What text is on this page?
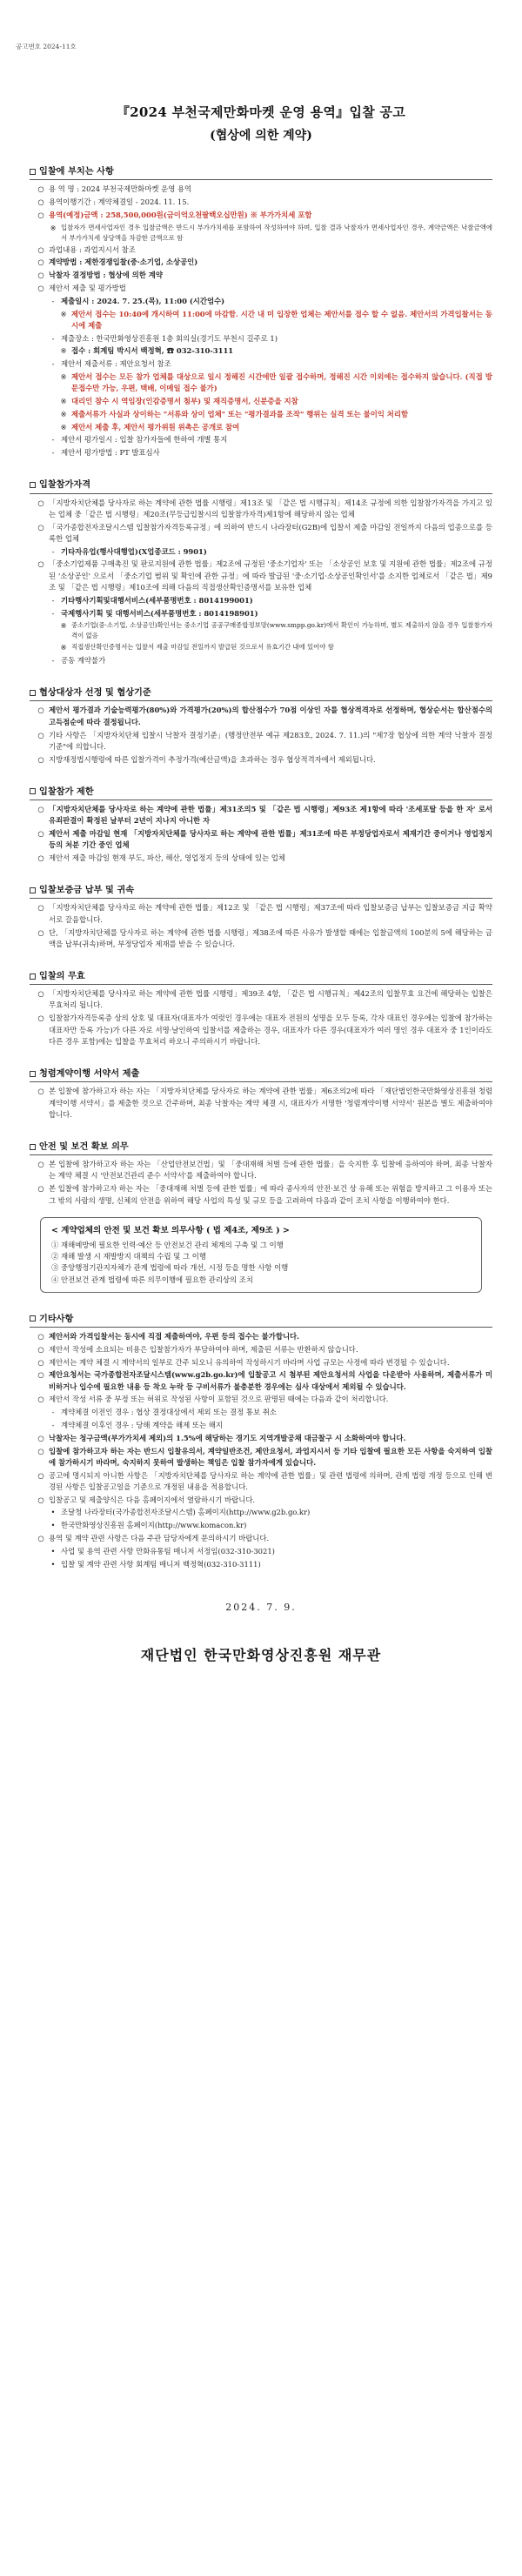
공고번호 2024-11호
『2024 부천국제만화마켓 운영 용역』입찰 공고
(협상에 의한 계약)
입찰에 부치는 사항
○ 용 역 명 : 2024 부천국제만화마켓 운영 용역
○ 용역이행기간 : 계약체결일 - 2024. 11. 15.
○ 용역(예정)금액 : 258,500,000원(금이억오천팔백오십만원) ※ 부가가치세 포함
※ 입찰자가 면세사업자인 경우 입찰금액은 반드시 부가가치세를 포함하여 작성하여야 하며, 입찰 결과 낙찰자가 면세사업자인 경우, 계약금액은 낙찰금액에서 부가가치세 상당액을 차감한 금액으로 함
○ 과업내용 : 과업지시서 참조
○ 계약방법 : 제한경쟁입찰(중·소기업, 소상공인)
○ 낙찰자 결정방법 : 협상에 의한 계약
○ 제안서 제출 및 평가방법
- 제출일시 : 2024. 7. 25.(목), 11:00 (시간엄수)
※ 제안서 접수는 10:40에 개시하여 11:00에 마감함. 시간 내 미 입장한 업체는 제안서를 접수 할 수 없음. 제안서의 가격입찰서는 동시에 제출
- 제출장소 : 한국만화영상진흥원 1층 회의실(경기도 부천시 길주로 1)
※ 접수 : 회계팀 박시서 백정혁, ☎ 032-310-3111
- 제안서 제출서류 : 제안요청서 참조
※ 제안서 접수는 모든 참가 업체를 대상으로 일시 정해진 시간에만 일괄 접수하며, 정해진 시간 이외에는 접수하지 않습니다. (직접 방문접수만 가능, 우편, 택배, 이메일 접수 불가)
※ 대리인 참수 시 역임장(인감증명서 첨부) 및 재직증명서, 신분증을 지참
※ 제출서류가 사실과 상이하는 "서류와 상이 업체" 또는 "평가결과를 조작" 행위는 실격 또는 불이익 처리함
※ 제안서 제출 후, 제안서 평가위원 위촉은 공개로 참여
- 제안서 평가일시 : 입찰 참가자들에 한하여 개별 통지
- 제안서 평가방법 : PT 발표심사
입찰참가자격
○ 「지방자치단체를 당사자로 하는 계약에 관한 법률 시행령」제13조 및 「같은 법 시행규칙」제14조 규정에 의한 입찰참가자격을 가지고 있는 업체 중「같은 법 시행령」제20조(무등급입찰시의 입찰참가자격)제1항에 해당하지 않는 업체
○ 「국가종합전자조달시스템 입찰참가자격등록규정」에 의하여 반드시 나라장터(G2B)에 입찰서 제출 마감일 전일까지 다음의 업종으로를 등록한 업체
- 기타자유업(행사대행업)(X업종코드 : 9901)
○ 「중소기업제품 구매촉진 및 판로지원에 관한 법률」제2조에 규정된 '중소기업자' 또는 「소상공인 보호 및 지원에 관한 법률」제2조에 규정된 '소상공인' 으로서 「중소기업 범위 및 확인에 관한 규정」에 따라 발급된 '중·소기업·소상공인확인서'를 소지한 업체로서 「같은 법」제9조 및 「같은 법 시행령」제10조에 의해 다음의 직접생산확인증명서를 보유한 업체
- 기타행사기획및대행서비스(세부품명번호 : 8014199001)
- 국제행사기획 및 대행서비스(세부품명번호 : 8014198901)
※ 중소기업(중·소기업, 소상공인)확인서는 중소기업 공공구매종합정보망(www.smpp.go.kr)에서 확인이 가능하며, 별도 제출하지 않을 경우 입찰참가자격이 없음
※ 직접생산확인증명서는 입찰서 제출 마감일 전일까지 발급된 것으로서 유효기간 내에 있어야 함
- 공동 계약불가
협상대상자 선정 및 협상기준
○ 제안서 평가결과 기술능력평가(80%)와 가격평가(20%)의 합산점수가 70점 이상인 자를 협상적격자로 선정하며, 협상순서는 합산점수의 고득점순에 따라 결정됩니다.
○ 기타 사항은 「지방자치단체 입찰시 낙찰자 결정기준」(행정안전부 예규 제283호, 2024. 7. 11.)의 "제7장 협상에 의한 계약 낙찰자 결정기준"에 의합니다.
○ 지방재정법시행령에 따른 입찰가격이 추정가격(예산금액)을 초과하는 경우 협상적격자에서 제외됩니다.
입찰참가 제한
○ 「지방자치단체를 당사자로 하는 계약에 관한 법률」제31조의5 및 「같은 법 시행령」제93조 제1항에 따라 '조세포탈 등을 한 자' 로서 유죄판결이 확정된 날부터 2년이 지나지 아니한 자
○ 제안서 제출 마감일 현재 「지방자치단체를 당사자로 하는 계약에 관한 법률」제31조에 따른 부정당업자로서 제재기간 중이거나 영업정지 등의 처분 기간 중인 업체
○ 제안서 제출 마감일 현재 부도, 파산, 해산, 영업정지 등의 상태에 있는 업체
입찰보증금 납부 및 귀속
○ 「지방자치단체를 당사자로 하는 계약에 관한 법률」제12조 및 「같은 법 시행령」제37조에 따라 입찰보증금 납부는 입찰보증금 지급 확약서로 갈음합니다.
○ 단, 「지방자치단체를 당사자로 하는 계약에 관한 법률 시행령」제38조에 따른 사유가 발생할 때에는 입찰금액의 100분의 5에 해당하는 금액을 납부(귀속)하며, 부정당업자 제재를 받을 수 있습니다.
입찰의 무효
○ 「지방자치단체를 당사자로 하는 계약에 관한 법률 시행령」제39조 4항, 「같은 법 시행규칙」제42조의 입찰무효 요건에 해당하는 입찰은 무효처리 됩니다.
○ 입찰참가자격등록증 상의 상호 및 대표자(대표자가 여럿인 경우에는 대표자 전원의 성명을 모두 등록, 각자 대표인 경우에는 입찰에 참가하는 대표자만 등록 가능)가 다른 자로 서명·날인하여 입찰서를 제출하는 경우, 대표자가 다른 경우(대표자가 여러 명인 경우 대표자 중 1인이라도 다른 경우 포함)에는 입찰을 무효처리 하오니 주의하시기 바랍니다.
청렴계약이행 서약서 제출
○ 본 입찰에 참가하고자 하는 자는 「지방자치단체를 당사자로 하는 계약에 관한 법률」제6조의2에 따라 「재단법인한국만화영상진흥원 청렴계약이행 서약서」를 제출한 것으로 간주하며, 최종 낙찰자는 계약 체결 시, 대표자가 서명한 '청렴계약이행 서약서' 원본을 별도 제출하여야 합니다.
안전 및 보건 확보 의무
○ 본 입찰에 참가하고자 하는 자는 「산업안전보건법」및 「중대재해 처벌 등에 관한 법률」을 숙지한 후 입찰에 응하여야 하며, 최종 낙찰자는 계약 체결 시 '안전보건관리 준수 서약서'를 제출하여야 합니다.
○ 본 입찰에 참가하고자 하는 자는 「중대재해 처벌 등에 관한 법률」에 따라 종사자의 안전·보건 상 유해 또는 위험을 방지하고 그 이용자 또는 그 밖의 사람의 생명, 신체의 안전을 위하여 해당 사업의 특성 및 규모 등을 고려하여 다음과 같이 조치 사항을 이행하여야 한다.
< 계약업체의 안전 및 보건 확보 의무사항 ( 법 제4조, 제9조 ) >
① 재해예방에 필요한 인력·예산 등 안전보건 관리 체계의 구축 및 그 이행
② 재해 발생 시 재발방지 대책의 수립 및 그 이행
③ 중앙행정기관지자체가 관계 법령에 따라 개선, 시정 등을 명한 사항 이행
④ 안전보건 관계 법령에 따른 의무이행에 필요한 관리상의 조치
기타사항
○ 제안서와 가격입찰서는 동시에 직접 제출하여야, 우편 등의 접수는 불가합니다.
○ 제안서 작성에 소요되는 비용은 입찰참가자가 부담하여야 하며, 제출된 서류는 반환하지 않습니다.
○ 제안서는 계약 체결 시 계약서의 일부로 간주 되오니 유의하여 작성하시기 바라며 사업 규모는 사정에 따라 변경될 수 있습니다.
○ 제안요청서는 국가종합전자조달시스템(www.g2b.go.kr)에 입찰공고 시 첨부된 제안요청서의 사업을 다운받아 사용하며, 제출서류가 미비하거나 입수에 필요한 내용 등 착오 누락 등 구비서류가 불충분한 경우에는 심사 대상에서 제외될 수 있습니다.
○ 제안서 작성 서류 중 부정 또는 허위로 작성된 사항이 포함된 것으로 판명된 때에는 다음과 같이 처리합니다.
- 계약체결 이전인 경우 : 협상 결정대상에서 제외 또는 결정 통보 취소
- 계약체결 이후인 경우 : 당해 계약을 해제 또는 해지
○ 낙찰자는 청구금액(부가가치세 제외)의 1.5%에 해당하는 경기도 지역개발공채 대금찰구 시 소화하여야 합니다.
○ 입찰에 참가하고자 하는 자는 반드시 입찰유의서, 계약일반조건, 제안요청서, 과업지시서 등 기타 입찰에 필요한 모든 사항을 숙지하여 입찰에 참가하시기 바라며, 숙지하지 못하여 발생하는 책임은 입찰 참가자에게 있습니다.
○ 공고에 명시되지 아니한 사항은 「지방자치단체를 당사자로 하는 계약에 관한 법률」및 관련 법령에 의하며, 관계 법령 개정 등으로 인해 변경된 사항은 입찰공고일을 기준으로 개정된 내용을 적용합니다.
○ 입찰공고 및 제출양식은 다음 홈페이지에서 열람하시기 바랍니다.
• 조달청 나라장터(국가종합전자조달시스템) 홈페이지(http://www.g2b.go.kr)
• 한국만화영상진흥원 홈페이지(http://www.komacon.kr)
○ 용역 및 계약 관련 사항은 다음 주관 담당자에게 문의하시기 바랍니다.
• 사업 및 용역 관련 사항 만화유통팀 매니저 서정임(032-310-3021)
• 입찰 및 계약 관련 사항 회계팀 매니저 백정혁(032-310-3111)
2024. 7. 9.
재단법인 한국만화영상진흥원 재무관
